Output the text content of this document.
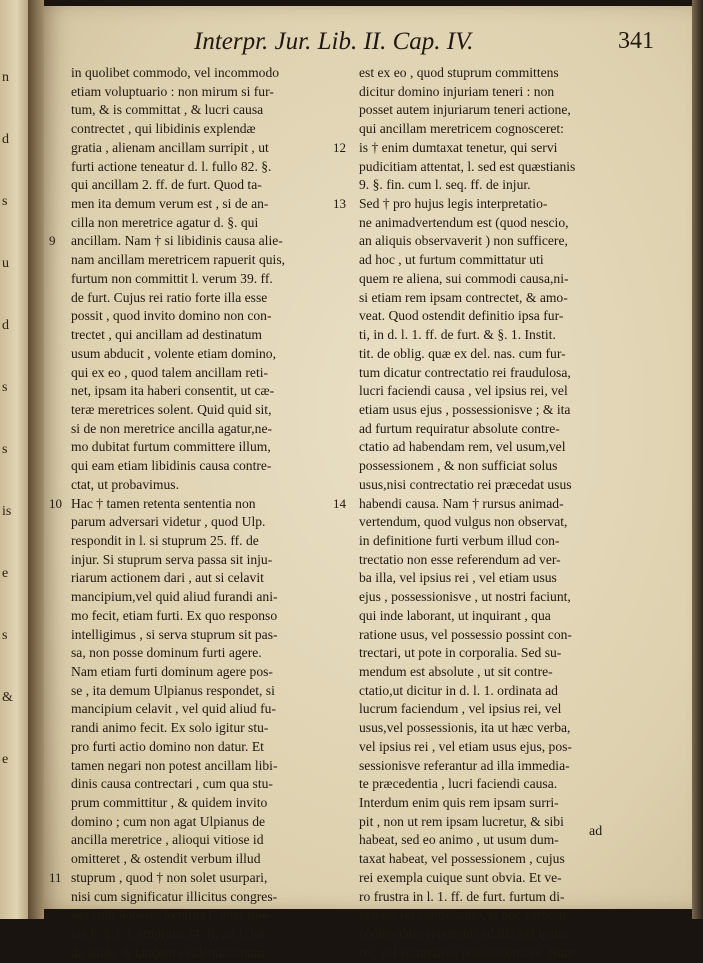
n
d
s
u
d
s
s
is
e
s
&
e
Interpr. Jur. Lib. II. Cap. IV.	341
in quolibet commodo, vel incommodo
etiam voluptuario : non mirum si fur-
tum, & is committat , & lucri causa
contrectet , qui libidinis explendæ
gratia , alienam ancillam surripit , ut
furti actione teneatur d. l. fullo 82. §.
qui ancillam 2. ff. de furt. Quod ta-
men ita demum verum est , si de an-
cilla non meretrice agatur d. §. qui
ancillam. Nam † si libidinis causa alie-
nam ancillam meretricem rapuerit quis,
furtum non committit l. verum 39. ff.
de furt. Cujus rei ratio forte illa esse
possit , quod invito domino non con-
trectet , qui ancillam ad destinatum
usum abducit , volente etiam domino,
qui ex eo , quod talem ancillam reti-
net, ipsam ita haberi consentit, ut cæ-
teræ meretrices solent. Quid quid sit,
si de non meretrice ancilla agatur,ne-
mo dubitat furtum committere illum,
qui eam etiam libidinis causa contre-
ctat, ut probavimus.
Hac † tamen retenta sententia non
parum adversari videtur , quod Ulp.
respondit in l. si stuprum 25. ff. de
injur. Si stuprum serva passa sit inju-
riarum actionem dari , aut si celavit
mancipium,vel quid aliud furandi ani-
mo fecit, etiam furti. Ex quo responso
intelligimus , si serva stuprum sit pas-
sa, non posse dominum furti agere.
Nam etiam furti dominum agere pos-
se , ita demum Ulpianus respondet, si
mancipium celavit , vel quid aliud fu-
randi animo fecit. Ex solo igitur stu-
pro furti actio domino non datur. Et
tamen negari non potest ancillam libi-
dinis causa contrectari , cum qua stu-
prum committitur , & quidem invito
domino ; cum non agat Ulpianus de
ancilla meretrice , alioqui vitiose id
omitteret , & ostendit verbum illud
stuprum , quod † non solet usurpari,
nisi cum significatur illicitus congres-
sus cum honesta fœmina l. inter libe-
ras 6. §.1. l. stuprum 34. ff. ad l. Jul.
de adult. & tandem evidentissimum
9
10
11
est ex eo , quod stuprum committens
dicitur domino injuriam teneri : non
posset autem injuriarum teneri actione,
qui ancillam meretricem cognosceret:
is † enim dumtaxat tenetur, qui servi
pudicitiam attentat, l. sed est quæstianis
9. §. fin. cum l. seq. ff. de injur.
Sed † pro hujus legis interpretatio-
ne animadvertendum est (quod nescio,
an aliquis observaverit ) non sufficere,
ad hoc , ut furtum committatur uti
quem re aliena, sui commodi causa,ni-
si etiam rem ipsam contrectet, & amo-
veat. Quod ostendit definitio ipsa fur-
ti, in d. l. 1. ff. de furt. & §. 1. Instit.
tit. de oblig. quæ ex del. nas. cum fur-
tum dicatur contrectatio rei fraudulosa,
lucri faciendi causa , vel ipsius rei, vel
etiam usus ejus , possessionisve ; & ita
ad furtum requiratur absolute contre-
ctatio ad habendam rem, vel usum,vel
possessionem , & non sufficiat solus
usus,nisi contrectatio rei præcedat usus
habendi causa. Nam † rursus animad-
vertendum, quod vulgus non observat,
in definitione furti verbum illud con-
trectatio non esse referendum ad ver-
ba illa, vel ipsius rei , vel etiam usus
ejus , possessionisve , ut nostri faciunt,
qui inde laborant, ut inquirant , qua
ratione usus, vel possessio possint con-
trectari, ut pote in corporalia. Sed su-
mendum est absolute , ut sit contre-
ctatio,ut dicitur in d. l. 1. ordinata ad
lucrum faciendum , vel ipsius rei, vel
usus,vel possessionis, ita ut hæc verba,
vel ipsius rei , vel etiam usus ejus, pos-
sessionisve referantur ad illa immedia-
te præcedentia , lucri faciendi causa.
Interdum enim quis rem ipsam surri-
pit , non ut rem ipsam lucretur, & sibi
habeat, sed eo animo , ut usum dum-
taxat habeat, vel possessionem , cujus
rei exempla cuique sunt obvia. Et ve-
ro frustra in l. 1. ff. de furt. furtum di-
ceretur rei contrectatio, si hoc verbum
contrectatio referretur ad illa,vel ipsius
rei, vel etiam usus possessionisve. Nam
12
13
14
ad
